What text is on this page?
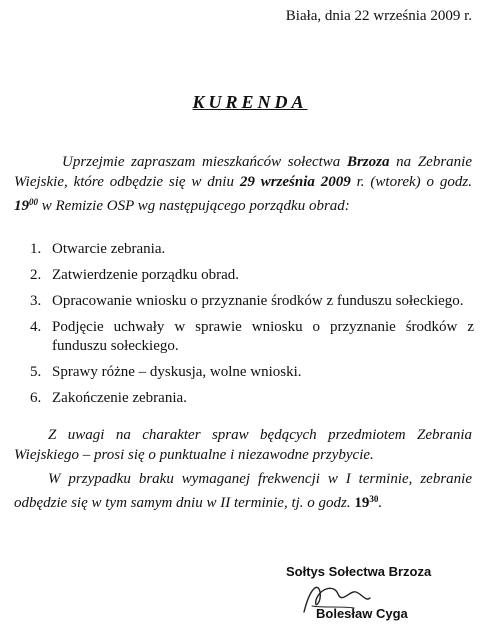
Biała, dnia 22 września 2009 r.
KURENDA
Uprzejmie zapraszam mieszkańców sołectwa Brzoza na Zebranie Wiejskie, które odbędzie się w dniu 29 września 2009 r. (wtorek) o godz. $19^{00}$ w Remizie OSP wg następującego porządku obrad:
1. Otwarcie zebrania.
2. Zatwierdzenie porządku obrad.
3. Opracowanie wniosku o przyznanie środków z funduszu sołeckiego.
4. Podjęcie uchwały w sprawie wniosku o przyznanie środków z funduszu sołeckiego.
5. Sprawy różne – dyskusja, wolne wnioski.
6. Zakończenie zebrania.

Z uwagi na charakter spraw będących przedmiotem Zebrania Wiejskiego – prosi się o punktualne i niezawodne przybycie.

W przypadku braku wymaganej frekwencji w I terminie, zebranie odbędzie się w tym samym dniu w II terminie, tj. o godz. $19^{30}$.

Sołtys Sołectwa Brzoza
Bolesław Cyga
